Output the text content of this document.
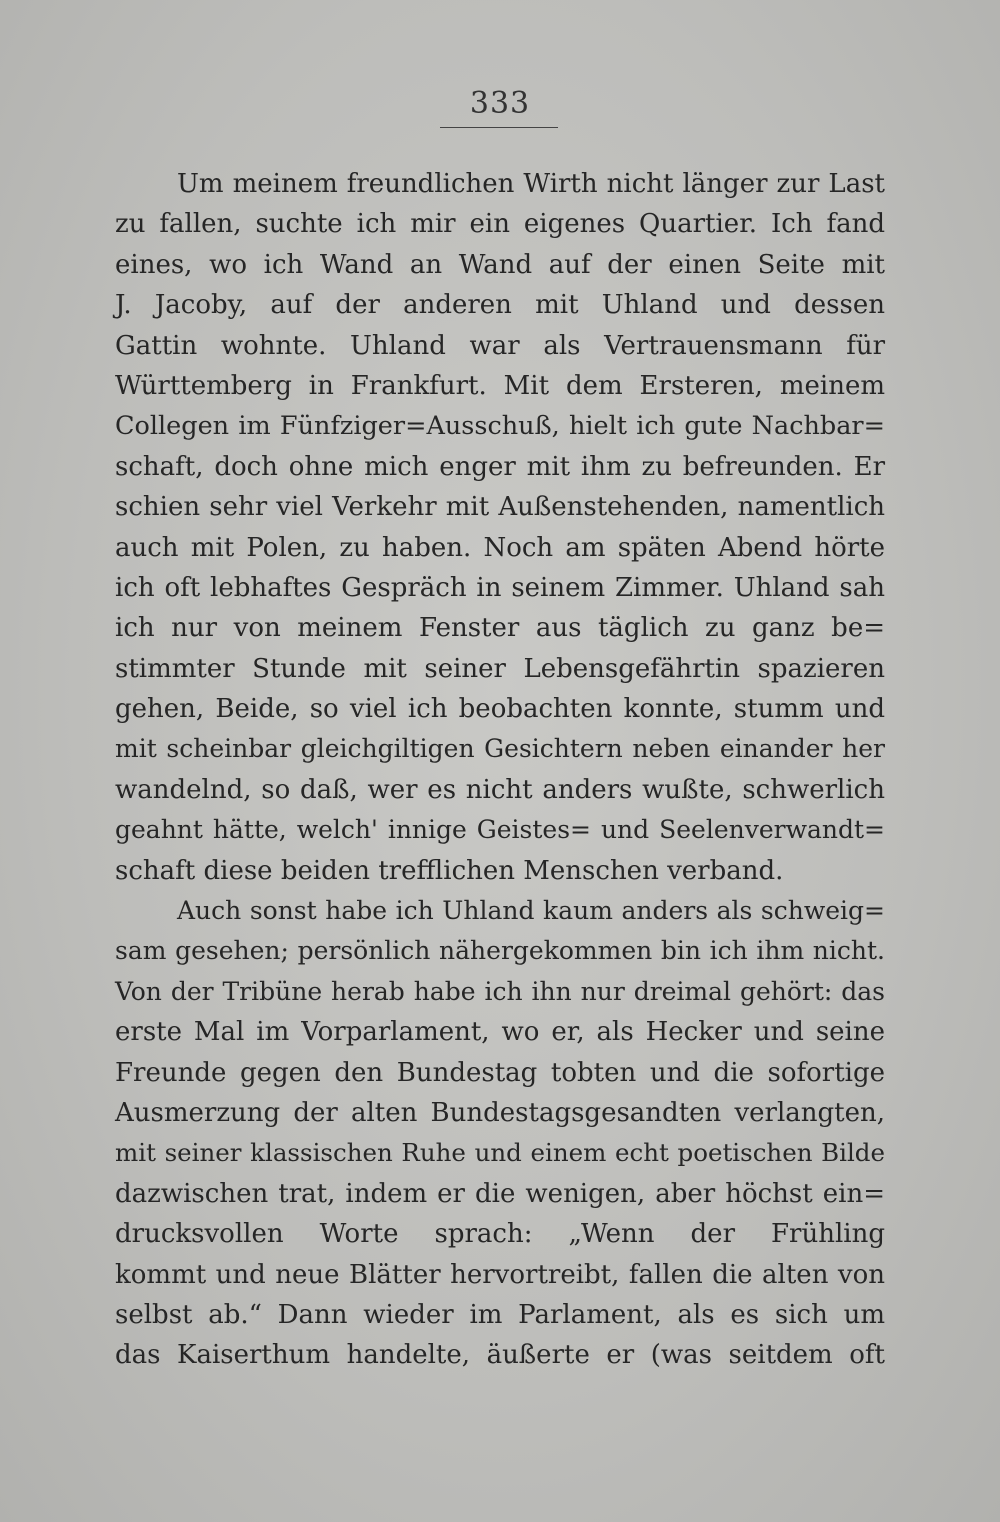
333
Um meinem freundlichen Wirth nicht länger zur Last
zu fallen, suchte ich mir ein eigenes Quartier. Ich fand
eines, wo ich Wand an Wand auf der einen Seite mit
J. Jacoby, auf der anderen mit Uhland und dessen
Gattin wohnte. Uhland war als Vertrauensmann für
Württemberg in Frankfurt. Mit dem Ersteren, meinem
Collegen im Fünfziger=Ausschuß, hielt ich gute Nachbar=
schaft, doch ohne mich enger mit ihm zu befreunden. Er
schien sehr viel Verkehr mit Außenstehenden, namentlich
auch mit Polen, zu haben. Noch am späten Abend hörte
ich oft lebhaftes Gespräch in seinem Zimmer. Uhland sah
ich nur von meinem Fenster aus täglich zu ganz be=
stimmter Stunde mit seiner Lebensgefährtin spazieren
gehen, Beide, so viel ich beobachten konnte, stumm und
mit scheinbar gleichgiltigen Gesichtern neben einander her
wandelnd, so daß, wer es nicht anders wußte, schwerlich
geahnt hätte, welch' innige Geistes= und Seelenverwandt=
schaft diese beiden trefflichen Menschen verband.
Auch sonst habe ich Uhland kaum anders als schweig=
sam gesehen; persönlich nähergekommen bin ich ihm nicht.
Von der Tribüne herab habe ich ihn nur dreimal gehört: das
erste Mal im Vorparlament, wo er, als Hecker und seine
Freunde gegen den Bundestag tobten und die sofortige
Ausmerzung der alten Bundestagsgesandten verlangten,
mit seiner klassischen Ruhe und einem echt poetischen Bilde
dazwischen trat, indem er die wenigen, aber höchst ein=
drucksvollen Worte sprach: „Wenn der Frühling
kommt und neue Blätter hervortreibt, fallen die alten von
selbst ab.“ Dann wieder im Parlament, als es sich um
das Kaiserthum handelte, äußerte er (was seitdem oft
